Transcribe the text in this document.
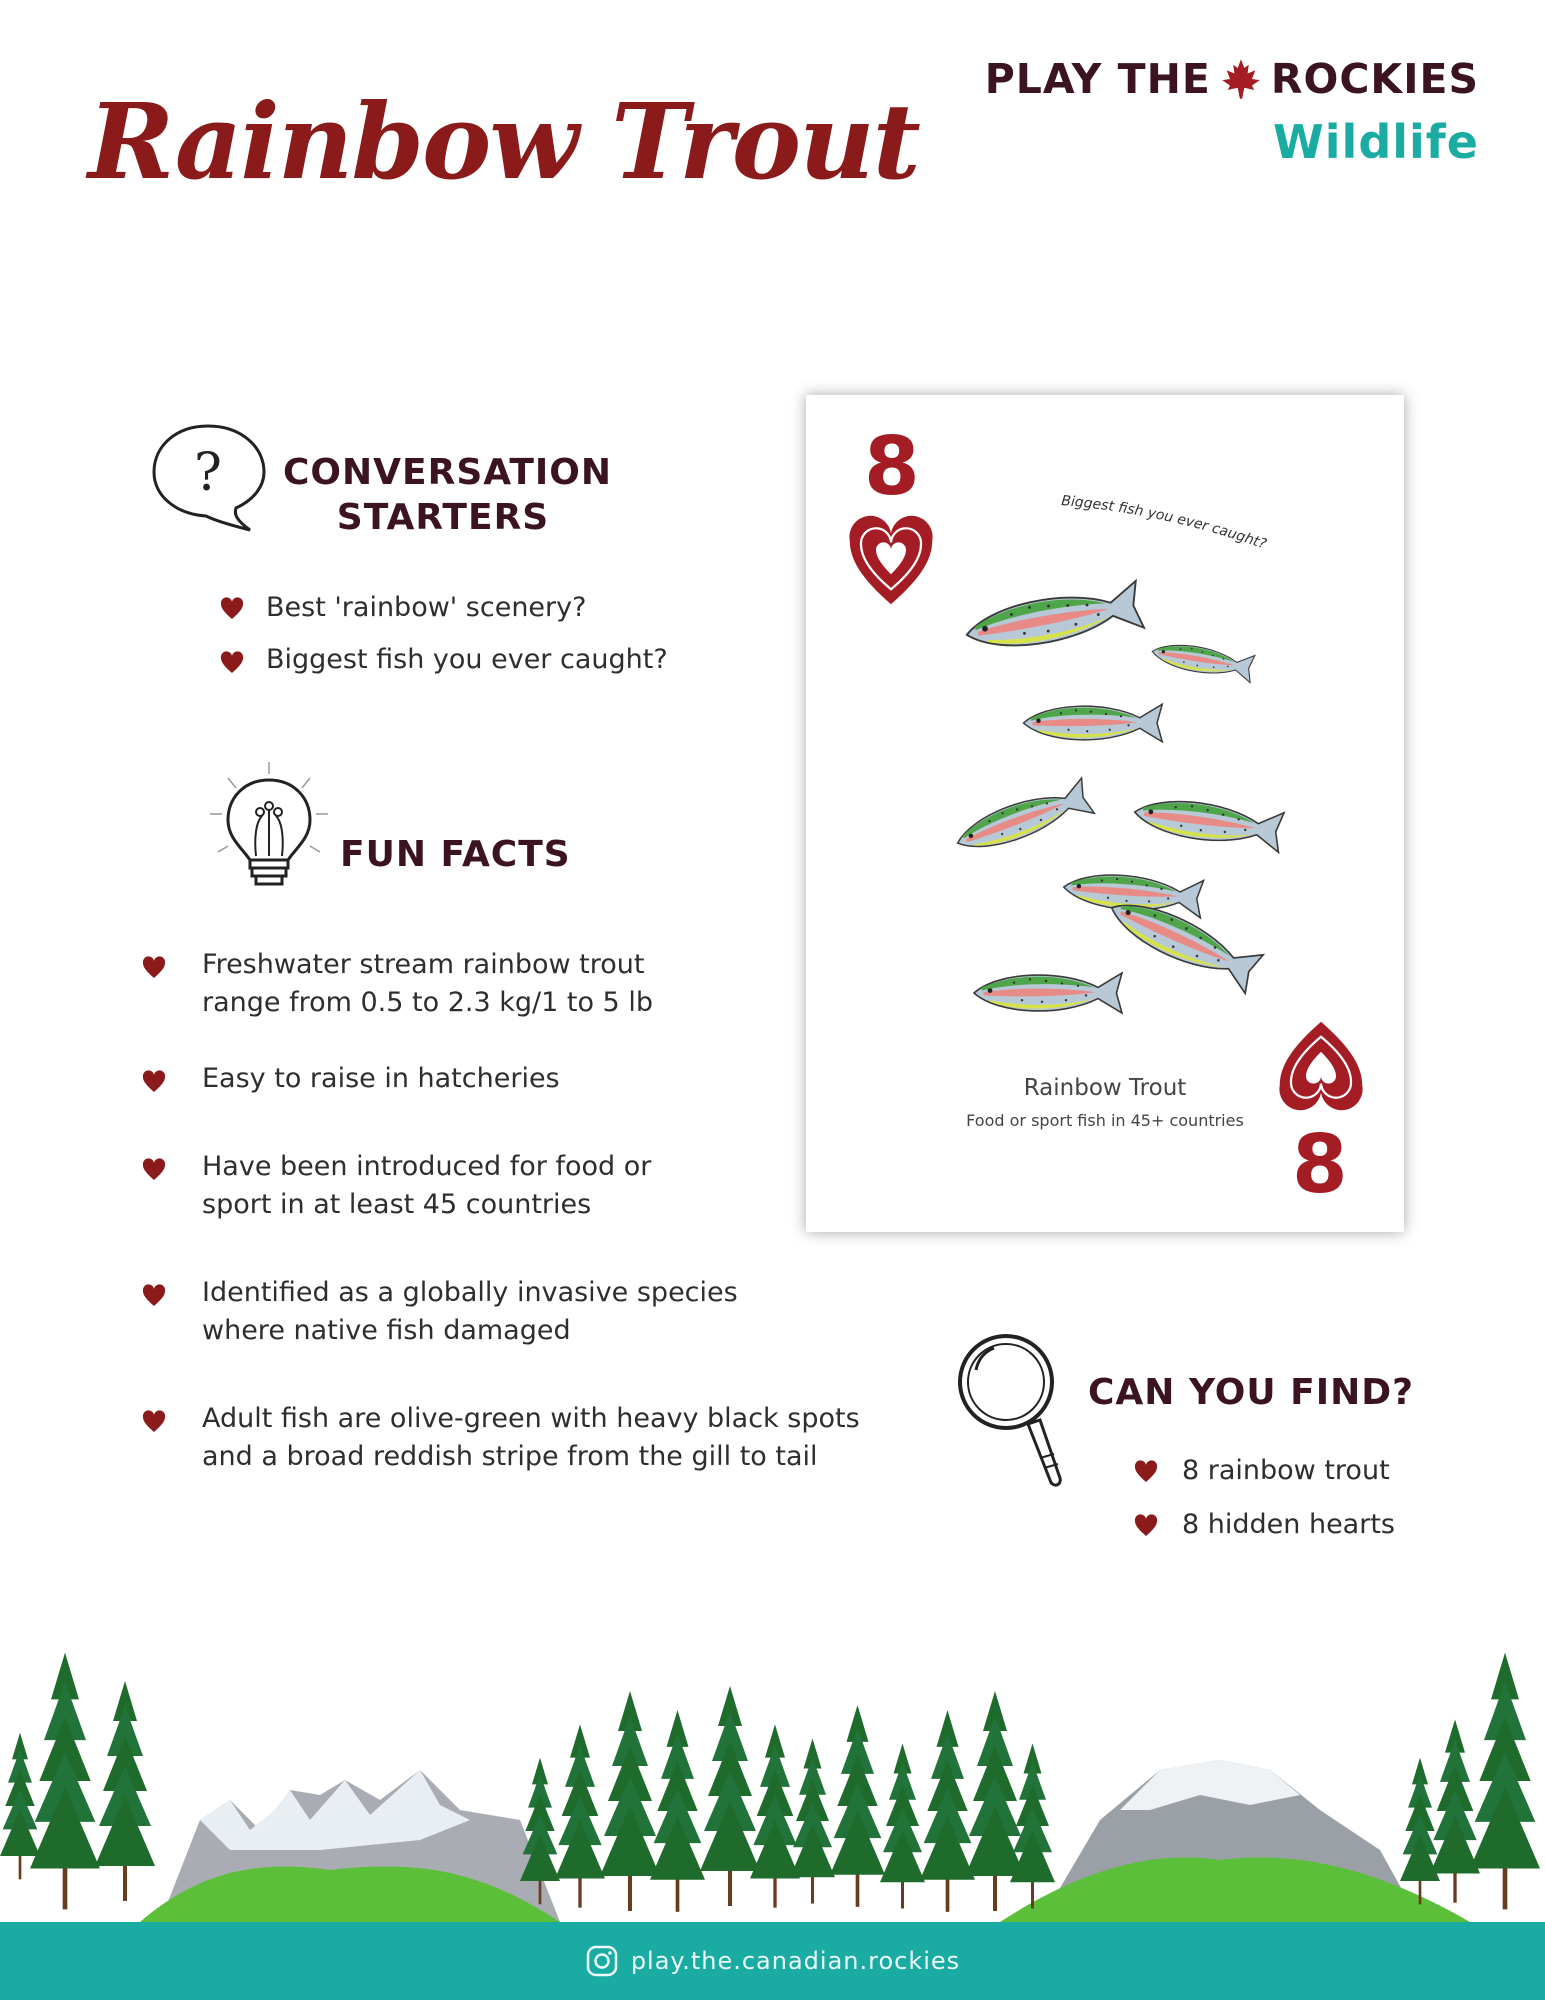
Rainbow Trout
PLAY THE ROCKIES
Wildlife
? CONVERSATION
STARTERS
Best 'rainbow' scenery?
Biggest fish you ever caught?
FUN FACTS
Freshwater stream rainbow trout
range from 0.5 to 2.3 kg/1 to 5 lb
Easy to raise in hatcheries
Have been introduced for food or
sport in at least 45 countries
Identified as a globally invasive species
where native fish damaged
Adult fish are olive-green with heavy black spots
and a broad reddish stripe from the gill to tail
8	Biggest fish you ever caught?
Rainbow Trout
Food or sport fish in 45+ countries 8
CAN YOU FIND?
8 rainbow trout
8 hidden hearts
play.the.canadian.rockies
